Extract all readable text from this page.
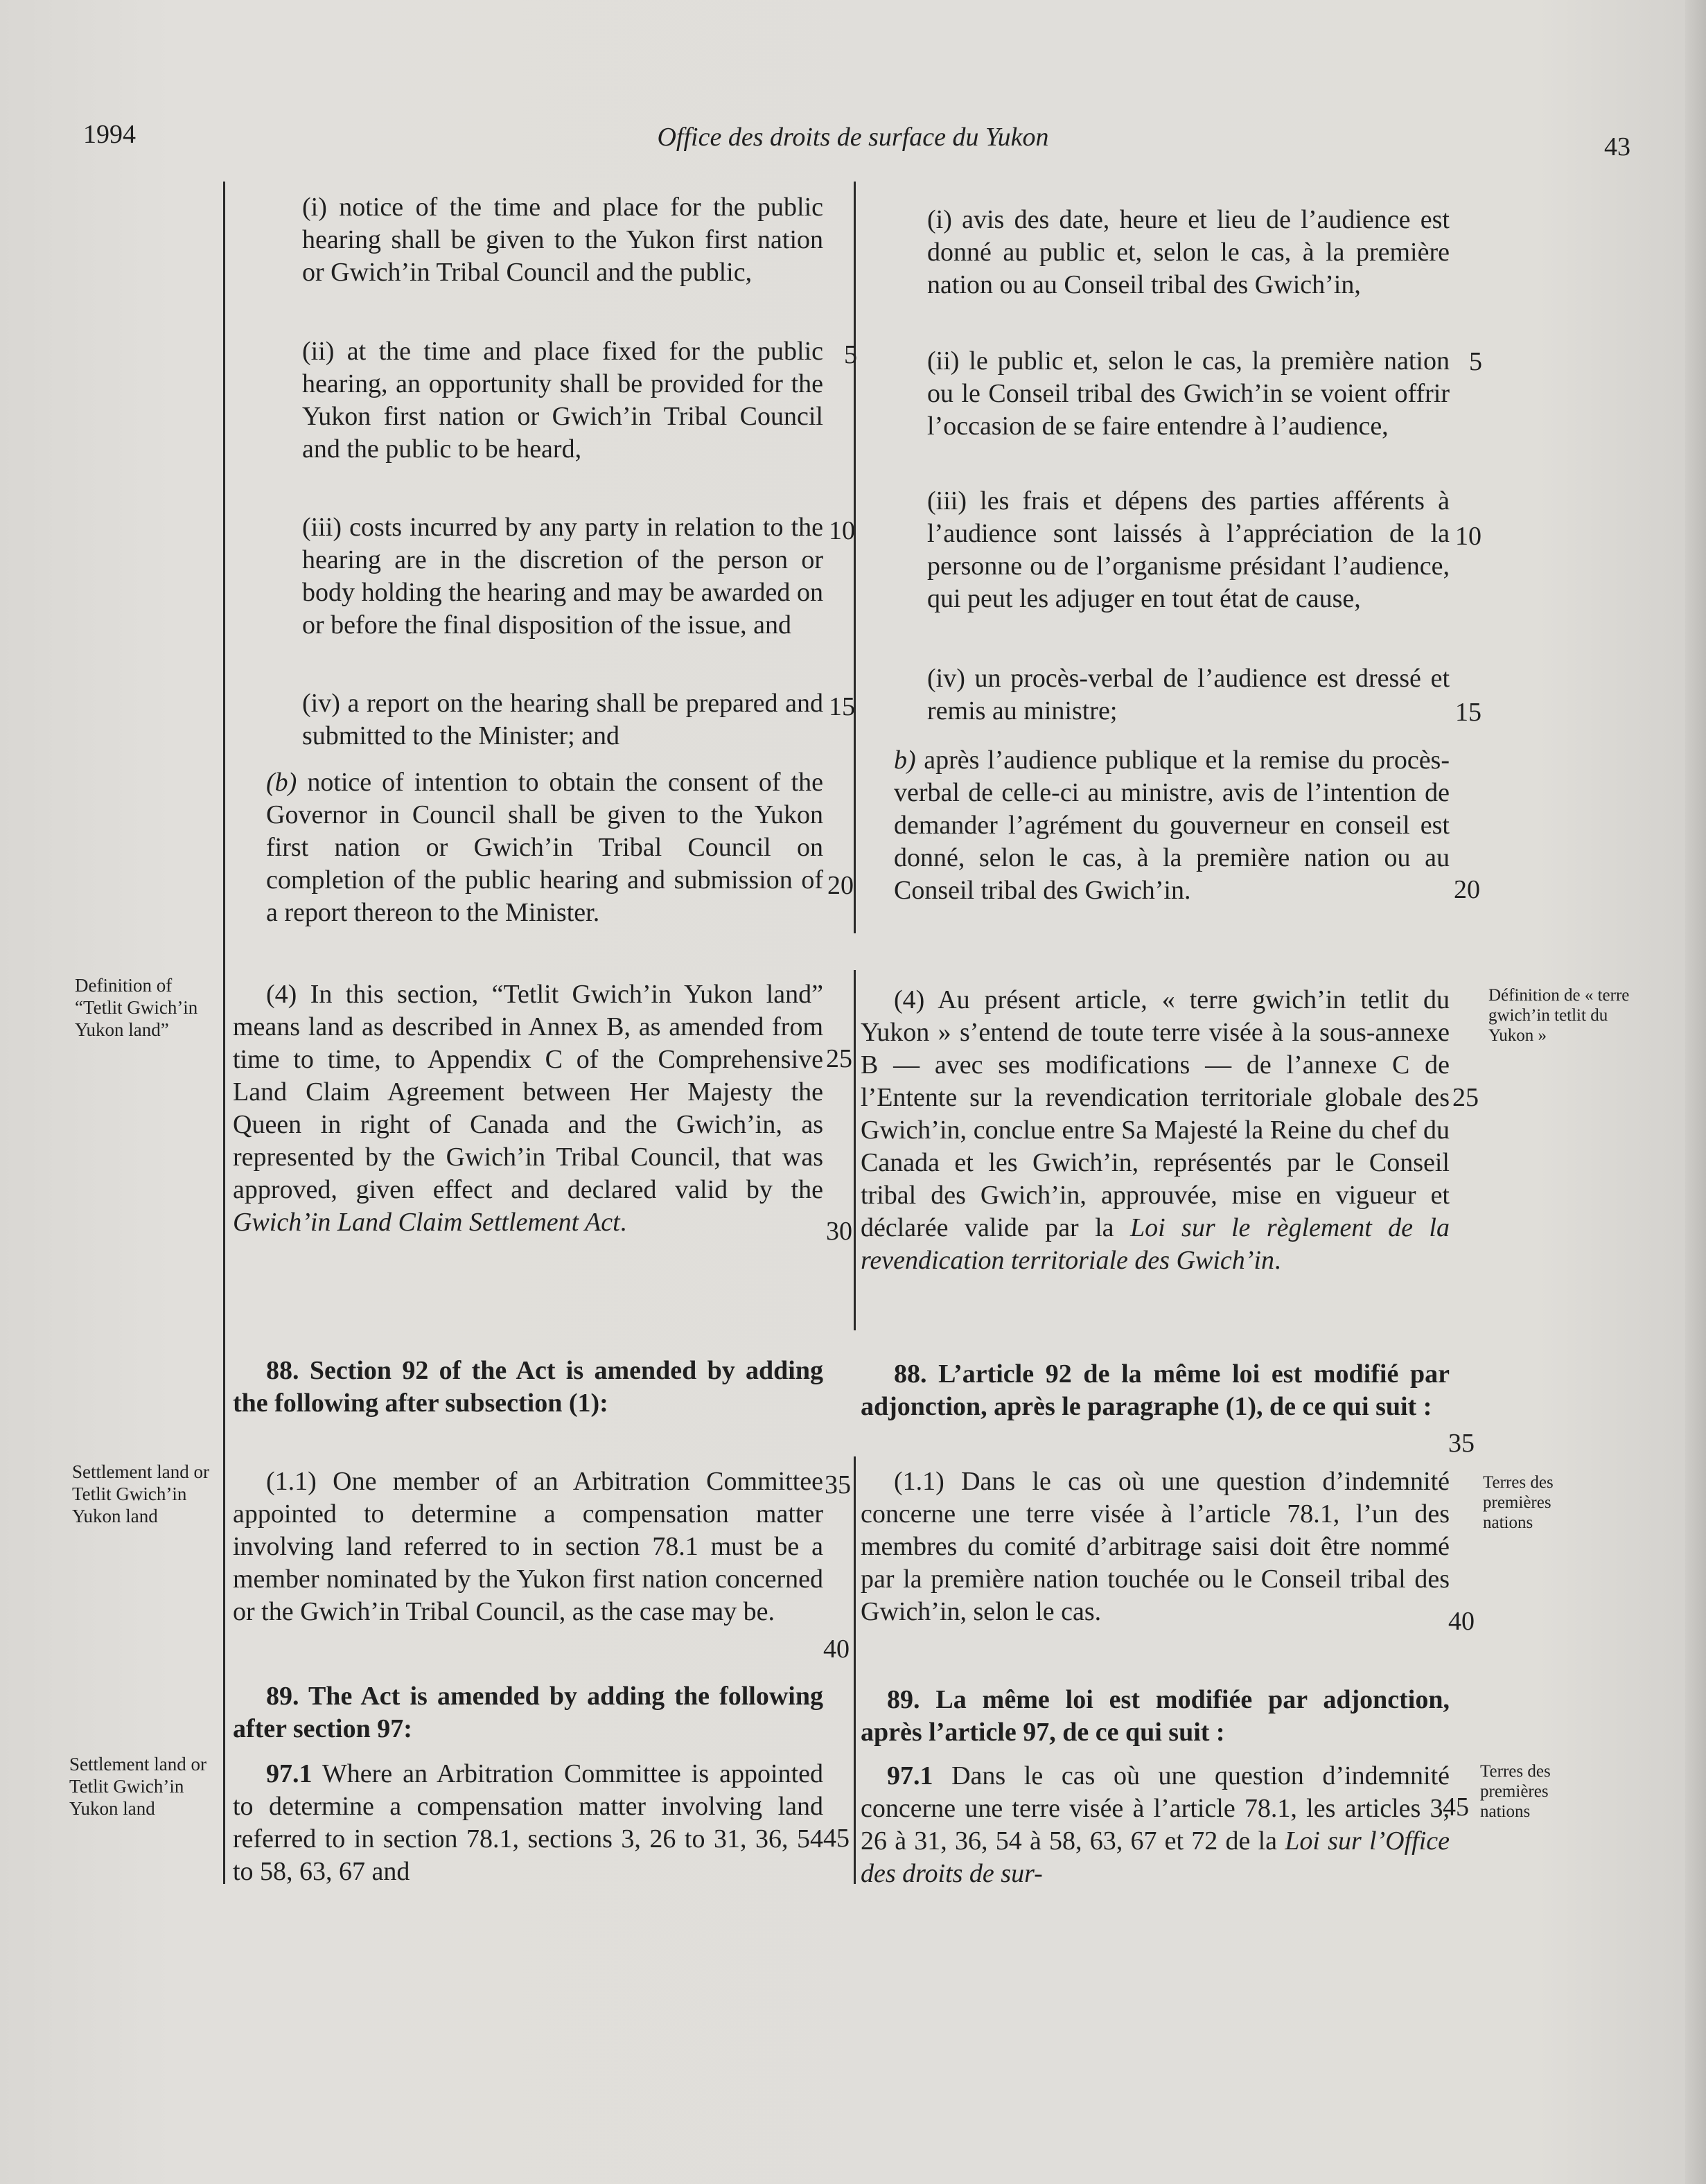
1994	Office des droits de surface du Yukon	43
(i) notice of the time and place for the public hearing shall be given to the Yukon first nation or Gwich’in Tribal Council and the public,
(ii) at the time and place fixed for the public hearing, an opportunity shall be provided for the Yukon first nation or Gwich’in Tribal Council and the public to be heard,
(iii) costs incurred by any party in relation to the hearing are in the discretion of the person or body holding the hearing and may be awarded on or before the final disposition of the issue, and
(iv) a report on the hearing shall be prepared and submitted to the Minister; and
(b) notice of intention to obtain the consent of the Governor in Council shall be given to the Yukon first nation or Gwich’in Tribal Council on completion of the public hearing and submission of a report thereon to the Minister.
(4) In this section, “Tetlit Gwich’in Yukon land” means land as described in Annex B, as amended from time to time, to Appendix C of the Comprehensive Land Claim Agreement between Her Majesty the Queen in right of Canada and the Gwich’in, as represented by the Gwich’in Tribal Council, that was approved, given effect and declared valid by the Gwich’in Land Claim Settlement Act.
88. Section 92 of the Act is amended by adding the following after subsection (1):
(1.1) One member of an Arbitration Committee appointed to determine a compensation matter involving land referred to in section 78.1 must be a member nominated by the Yukon first nation concerned or the Gwich’in Tribal Council, as the case may be.
89. The Act is amended by adding the following after section 97:
97.1 Where an Arbitration Committee is appointed to determine a compensation matter involving land referred to in section 78.1, sections 3, 26 to 31, 36, 54 to 58, 63, 67 and
(i) avis des date, heure et lieu de l’audience est donné au public et, selon le cas, à la première nation ou au Conseil tribal des Gwich’in,
(ii) le public et, selon le cas, la première nation ou le Conseil tribal des Gwich’in se voient offrir l’occasion de se faire entendre à l’audience,
(iii) les frais et dépens des parties afférents à l’audience sont laissés à l’appréciation de la personne ou de l’organisme présidant l’audience, qui peut les adjuger en tout état de cause,
(iv) un procès-verbal de l’audience est dressé et remis au ministre;
b) après l’audience publique et la remise du procès-verbal de celle-ci au ministre, avis de l’intention de demander l’agrément du gouverneur en conseil est donné, selon le cas, à la première nation ou au Conseil tribal des Gwich’in.
(4) Au présent article, « terre gwich’in tetlit du Yukon » s’entend de toute terre visée à la sous-annexe B — avec ses modifications — de l’annexe C de l’Entente sur la revendication territoriale globale des Gwich’in, conclue entre Sa Majesté la Reine du chef du Canada et les Gwich’in, représentés par le Conseil tribal des Gwich’in, approuvée, mise en vigueur et déclarée valide par la Loi sur le règlement de la revendication territoriale des Gwich’in.
88. L’article 92 de la même loi est modifié par adjonction, après le paragraphe (1), de ce qui suit :
(1.1) Dans le cas où une question d’indemnité concerne une terre visée à l’article 78.1, l’un des membres du comité d’arbitrage saisi doit être nommé par la première nation touchée ou le Conseil tribal des Gwich’in, selon le cas.
89. La même loi est modifiée par adjonction, après l’article 97, de ce qui suit :
97.1 Dans le cas où une question d’indemnité concerne une terre visée à l’article 78.1, les articles 3, 26 à 31, 36, 54 à 58, 63, 67 et 72 de la Loi sur l’Office des droits de sur-
5
10
15
20
25
30
35
40
45
5
10
15
20
25
35
40
45
Definition of “Tetlit Gwich’in Yukon land”
Settlement land or Tetlit Gwich’in Yukon land
Settlement land or Tetlit Gwich’in Yukon land
Définition de « terre gwich’in tetlit du Yukon »
Terres des premières nations
Terres des premières nations
